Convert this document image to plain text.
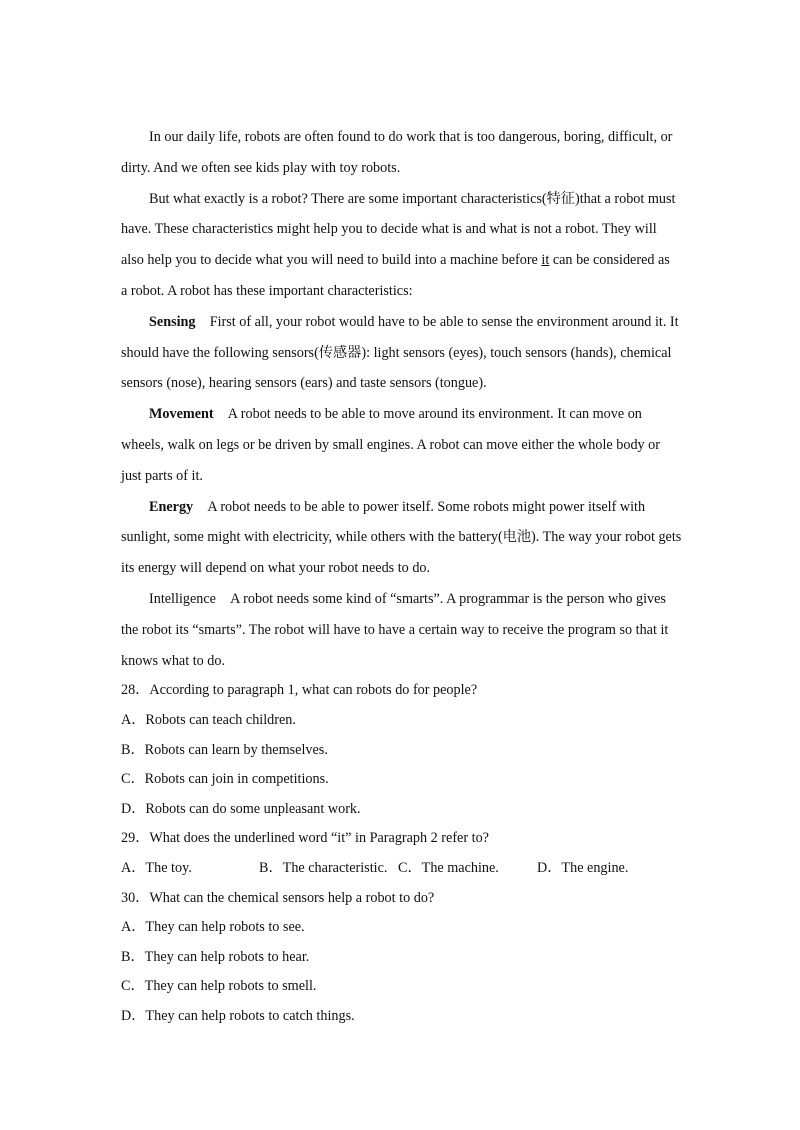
In our daily life, robots are often found to do work that is too dangerous, boring, difficult, or
dirty. And we often see kids play with toy robots.
But what exactly is a robot? There are some important characteristics(特征)that a robot must
have. These characteristics might help you to decide what is and what is not a robot. They will
also help you to decide what you will need to build into a machine before it can be considered as
a robot. A robot has these important characteristics:
Sensing First of all, your robot would have to be able to sense the environment around it. It
should have the following sensors(传感器): light sensors (eyes), touch sensors (hands), chemical
sensors (nose), hearing sensors (ears) and taste sensors (tongue).
Movement A robot needs to be able to move around its environment. It can move on
wheels, walk on legs or be driven by small engines. A robot can move either the whole body or
just parts of it.
Energy A robot needs to be able to power itself. Some robots might power itself with
sunlight, some might with electricity, while others with the battery(电池). The way your robot gets
its energy will depend on what your robot needs to do.
Intelligence A robot needs some kind of “smarts”. A programmar is the person who gives
the robot its “smarts”. The robot will have to have a certain way to receive the program so that it
knows what to do.
28．According to paragraph 1, what can robots do for people?
A．Robots can teach children.
B．Robots can learn by themselves.
C．Robots can join in competitions.
D．Robots can do some unpleasant work.
29．What does the underlined word “it” in Paragraph 2 refer to?
A．The toy.	B．The characteristic. C．The machine.	D．The engine.
30．What can the chemical sensors help a robot to do?
A．They can help robots to see.
B．They can help robots to hear.
C．They can help robots to smell.
D．They can help robots to catch things.
